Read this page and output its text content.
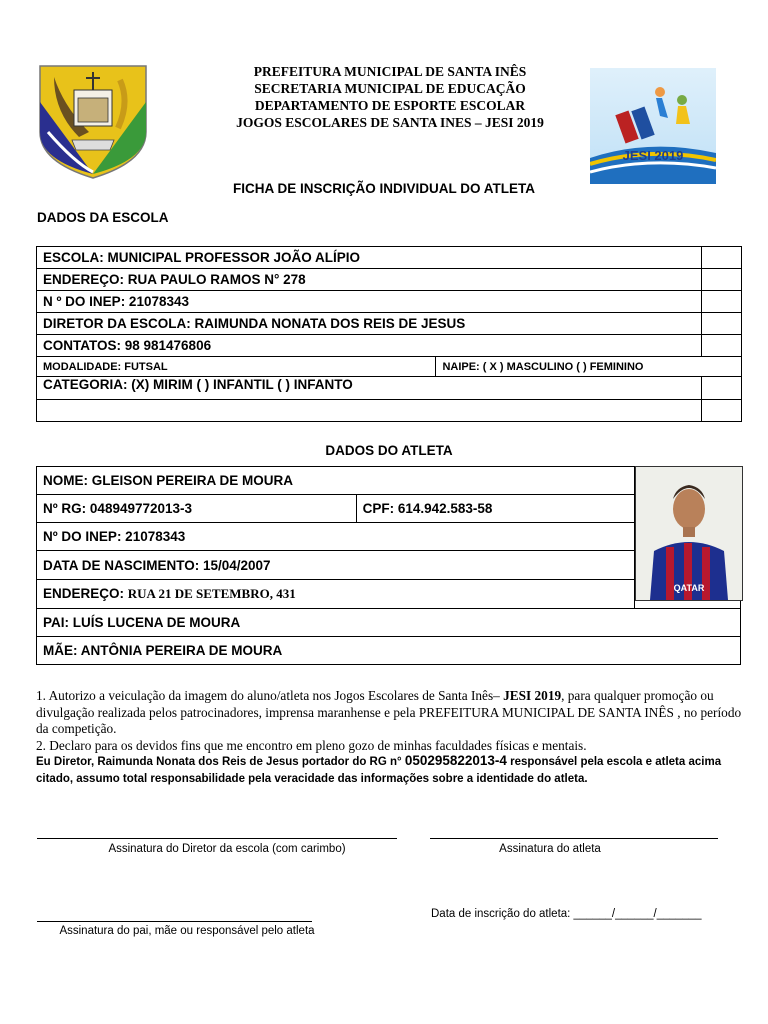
PREFEITURA MUNICIPAL DE SANTA INÊS
SECRETARIA MUNICIPAL DE EDUCAÇÃO
DEPARTAMENTO DE ESPORTE ESCOLAR
JOGOS ESCOLARES DE SANTA INES – JESI 2019
JESI 2019
FICHA DE INSCRIÇÃO INDIVIDUAL DO ATLETA
DADOS DA ESCOLA
ESCOLA: MUNICIPAL PROFESSOR JOÃO ALÍPIO		
ENDEREÇO: RUA PAULO RAMOS N° 278		
N º DO INEP: 21078343		
DIRETOR DA ESCOLA: RAIMUNDA NONATA DOS REIS DE JESUS		
CONTATOS: 98 981476806		
MODALIDADE: FUTSAL	NAIPE: ( X ) MASCULINO ( ) FEMININO	
CATEGORIA: (X) MIRIM ( ) INFANTIL ( ) INFANTO		

DADOS DO ATLETA
NOME: GLEISON PEREIRA DE MOURA		
Nº RG: 048949772013-3	CPF: 614.942.583-58	
Nº DO INEP: 21078343		
DATA DE NASCIMENTO: 15/04/2007		
ENDEREÇO: RUA 21 DE SETEMBRO, 431		
PAI: LUÍS LUCENA DE MOURA		
MÃE: ANTÔNIA PEREIRA DE MOURA		
QATAR
1. Autorizo a veiculação da imagem do aluno/atleta nos Jogos Escolares de Santa Inês– JESI 2019, para qualquer promoção ou divulgação realizada pelos patrocinadores, imprensa maranhense e pela PREFEITURA MUNICIPAL DE SANTA INÊS , no período da competição.
2. Declaro para os devidos fins que me encontro em pleno gozo de minhas faculdades físicas e mentais.
Eu Diretor, Raimunda Nonata dos Reis de Jesus portador do RG n° 050295822013-4 responsável pela escola e atleta acima citado, assumo total responsabilidade pela veracidade das informações sobre a identidade do atleta.
Assinatura do Diretor da escola (com carimbo)	Assinatura do atleta
Assinatura do pai, mãe ou responsável pelo atleta
Data de inscrição do atleta: ______/______/_______
